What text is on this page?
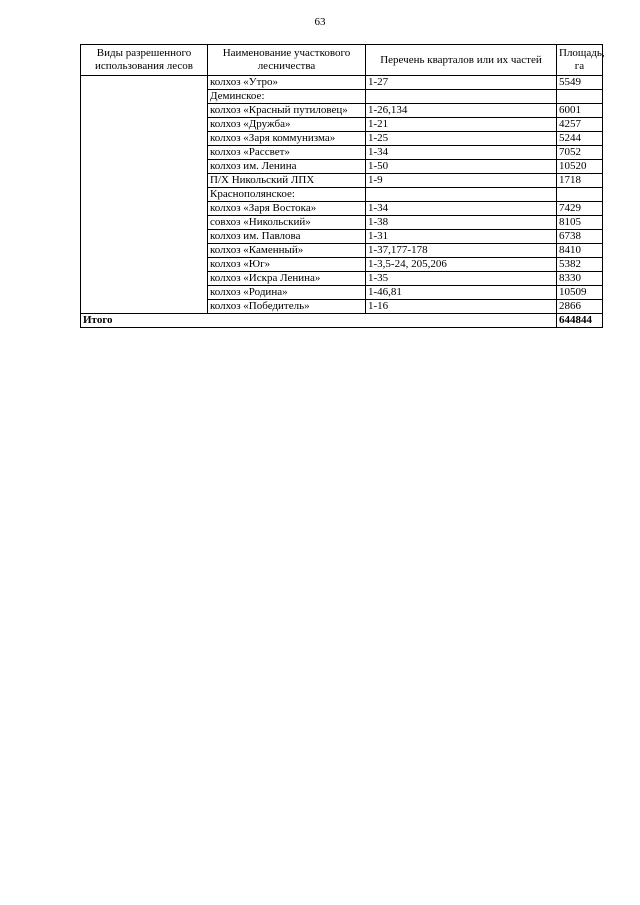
63
Виды разрешенного использования лесов	Наименование участкового лесничества	Перечень кварталов или их частей	Площадь, га
	колхоз «Утро»	1-27	5549
	Деминское:		
	колхоз «Красный путиловец»	1-26,134	6001
	колхоз «Дружба»	1-21	4257
	колхоз «Заря коммунизма»	1-25	5244
	колхоз «Рассвет»	1-34	7052
	колхоз им. Ленина	1-50	10520
	П/Х Никольский ЛПХ	1-9	1718
	Краснополянское:		
	колхоз «Заря Востока»	1-34	7429
	совхоз «Никольский»	1-38	8105
	колхоз им. Павлова	1-31	6738
	колхоз «Каменный»	1-37,177-178	8410
	колхоз «Юг»	1-3,5-24, 205,206	5382
	колхоз «Искра Ленина»	1-35	8330
	колхоз «Родина»	1-46,81	10509
	колхоз «Победитель»	1-16	2866
Итого			644844
